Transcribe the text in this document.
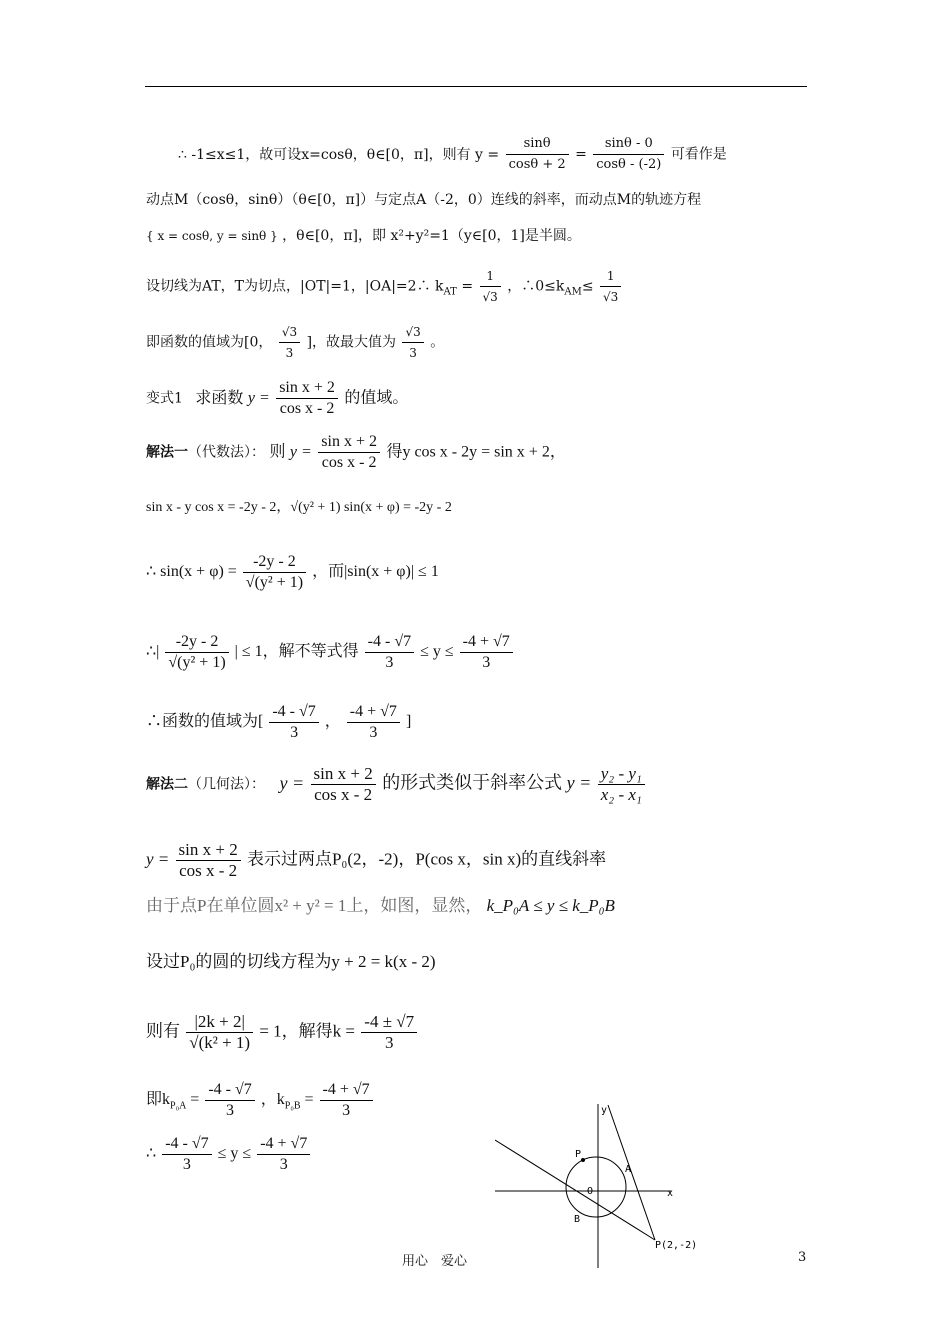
∴ -1≤x≤1，故可设x=cosθ，θ∈[0，π]，则有 $y = \frac{\sin\theta}{\cos\theta + 2} = \frac{\sin\theta - 0}{\cos\theta - (-2)}$ 可看作是
动点M（cosθ，sinθ）（θ∈[0，π]）与定点A（-2，0）连线的斜率，而动点M的轨迹方程
{ x = cosθ, y = sinθ } ，θ∈[0，π]，即 x²+y²=1（y∈[0，1]是半圆。
设切线为AT，T为切点，|OT|=1，|OA|=2∴ $k_{AT} = \frac{1}{√3}$ ，$\therefore 0\le k_{AM}\le \frac{1}{√3}$
即函数的值域为[0， $\frac{√3}{3}$ ]，故最大值为 $\frac{√3}{3}$ 。
变式1 求函数 $y = \frac{\text{sin x + 2}}{\text{cos x - 2}}$ 的值域。
解法一（代数法）： 则 $y = \frac{\text{sin x + 2}}{\text{cos x - 2}}$ 得y cos x - 2y = sin x + 2，
sin x - y cos x = -2y - 2，√(y² + 1) sin(x + φ) = -2y - 2
∴ $\sin(x + \varphi) = \frac{-2y - 2}{\text{√(y² + 1)}}$ ，而|sin(x + φ)| ≤ 1
∴| $\frac{-2y - 2}{\text{√(y² + 1)}}$ | ≤ 1，解不等式得 $\frac{-4 - √7}{3} \le y \le \frac{-4 + √7}{3}$
∴函数的值域为[ $\frac{-4 - √7}{3}$ ， $\frac{-4 + √7}{3}$ ]
解法二（几何法）： $y = \frac{\text{sin x + 2}}{\text{cos x - 2}}$ 的形式类似于斜率公式 $y = \frac{\text{y₂ - y₁}}{\text{x₂ - x₁}}$
$y = \frac{\text{sin x + 2}}{\text{cos x - 2}}$ 表示过两点P₀(2，-2)，P(cos x，sin x)的直线斜率
由于点P在单位圆x² + y² = 1上，如图，显然， k_P₀A ≤ y ≤ k_P₀B
设过P₀的圆的切线方程为y + 2 = k(x - 2)
则有 $\frac{|2k + 2|}{\text{√(k² + 1)}} = 1$，解得$k = \frac{-4 \pm √7}{3}$
即$k_{P_0A} = \frac{-4 - √7}{3}$ ，$k_{P_0B} = \frac{-4 + √7}{3}$
∴ $\frac{-4 - √7}{3} \le y \le \frac{-4 + √7}{3}$
y
x
P
A
O
B
P(2,-2)
用心　爱心	3
